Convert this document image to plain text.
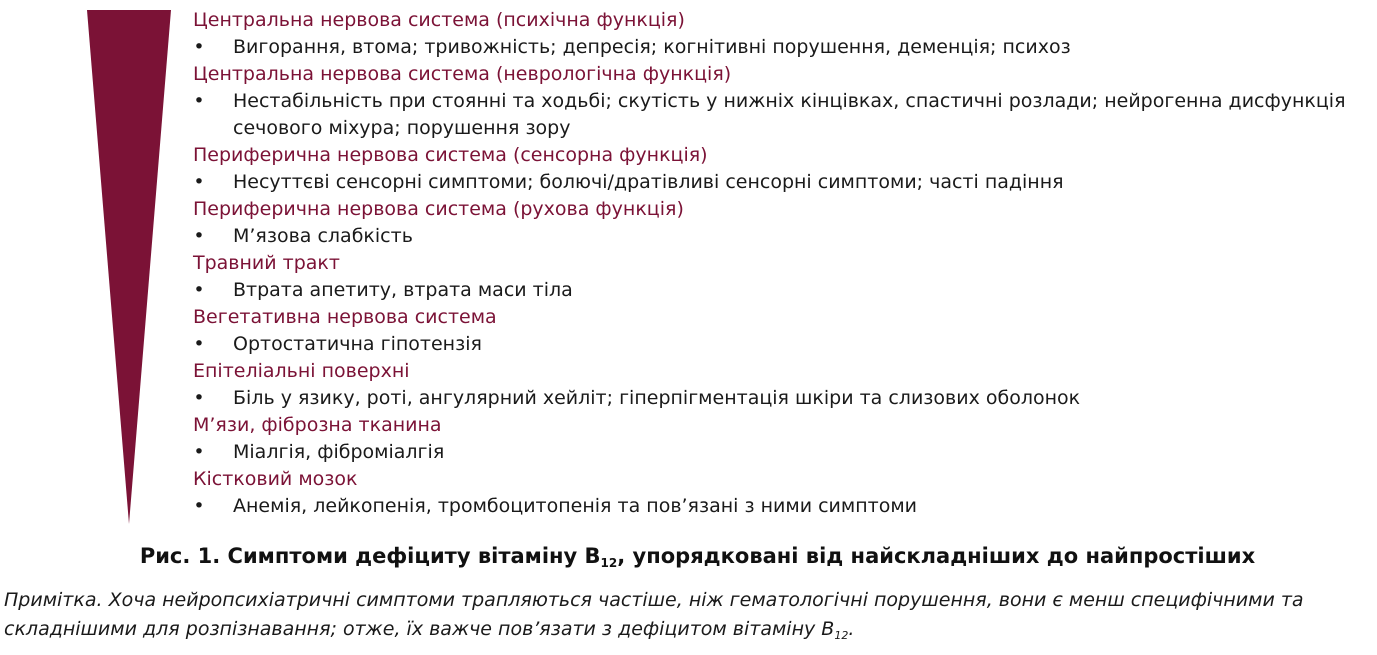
Центральна нервова система (психічна функція)
• Вигорання, втома; тривожність; депресія; когнітивні порушення, деменція; психоз
Центральна нервова система (неврологічна функція)
• Нестабільність при стоянні та ходьбі; скутість у нижніх кінцівках, спастичні розлади; нейрогенна дисфункція сечового міхура; порушення зору
Периферична нервова система (сенсорна функція)
• Несуттєві сенсорні симптоми; болючі/дратівливі сенсорні симптоми; часті падіння
Периферична нервова система (рухова функція)
• М’язова слабкість
Травний тракт
• Втрата апетиту, втрата маси тіла
Вегетативна нервова система
• Ортостатична гіпотензія
Епітеліальні поверхні
• Біль у язику, роті, ангулярний хейліт; гіперпігментація шкіри та слизових оболонок
М’язи, фіброзна тканина
• Міалгія, фіброміалгія
Кістковий мозок
• Анемія, лейкопенія, тромбоцитопенія та пов’язані з ними симптоми
Рис. 1. Симптоми дефіциту вітаміну $В_{12}$, упорядковані від найскладніших до найпростіших
Примітка. Хоча нейропсихіатричні симптоми трапляються частіше, ніж гематологічні порушення, вони є менш специфічними та складнішими для розпізнавання; отже, їх важче пов’язати з дефіцитом вітаміну $В_{12}$.
